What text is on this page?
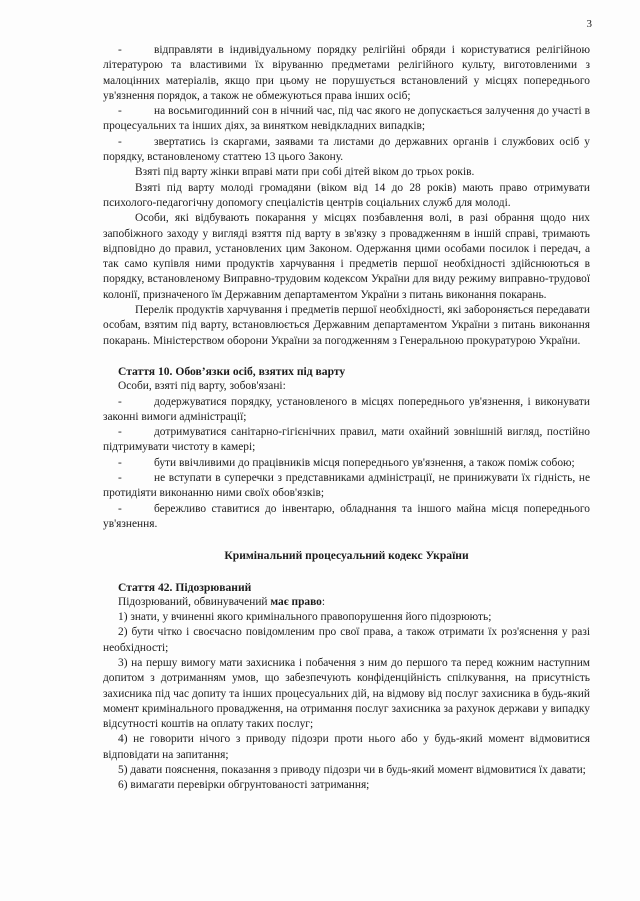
3

-	відправляти в індивідуальному порядку релігійні обряди і користуватися релігійною літературою та властивими їх віруванню предметами релігійного культу, виготовленими з малоцінних матеріалів, якщо при цьому не порушується встановлений у місцях попереднього ув'язнення порядок, а також не обмежуються права інших осіб;

-	на восьмигодинний сон в нічний час, під час якого не допускається залучення до участі в процесуальних та інших діях, за винятком невідкладних випадків;

-	звертатись із скаргами, заявами та листами до державних органів і службових осіб у порядку, встановленому статтею 13 цього Закону.

Взяті під варту жінки вправі мати при собі дітей віком до трьох років.

Взяті під варту молоді громадяни (віком від 14 до 28 років) мають право отримувати психолого-педагогічну допомогу спеціалістів центрів соціальних служб для молоді.

Особи, які відбувають покарання у місцях позбавлення волі, в разі обрання щодо них запобіжного заходу у вигляді взяття під варту в зв'язку з провадженням в іншій справі, тримають відповідно до правил, установлених цим Законом. Одержання цими особами посилок і передач, а так само купівля ними продуктів харчування і предметів першої необхідності здійснюються в порядку, встановленому Виправно-трудовим кодексом України для виду режиму виправно-трудової колонії, призначеного їм Державним департаментом України з питань виконання покарань.

Перелік продуктів харчування і предметів першої необхідності, які забороняється передавати особам, взятим під варту, встановлюється Державним департаментом України з питань виконання покарань. Міністерством оборони України за погодженням з Генеральною прокуратурою України.

Стаття 10. Обов’язки осіб, взятих під варту

Особи, взяті під варту, зобов'язані:

-	додержуватися порядку, установленого в місцях попереднього ув'язнення, і виконувати законні вимоги адміністрації;

-	дотримуватися санітарно-гігієнічних правил, мати охайний зовнішній вигляд, постійно підтримувати чистоту в камері;

-	бути ввічливими до працівників місця попереднього ув'язнення, а також поміж собою;

-	не вступати в суперечки з представниками адміністрації, не принижувати їх гідність, не протидіяти виконанню ними своїх обов'язків;

-	бережливо ставитися до інвентарю, обладнання та іншого майна місця попереднього ув'язнення.

Кримінальний процесуальний кодекс України
Стаття 42. Підозрюваний

Підозрюваний, обвинувачений має право:

1) знати, у вчиненні якого кримінального правопорушення його підозрюють;

2) бути чітко і своєчасно повідомленим про свої права, а також отримати їх роз'яснення у разі необхідності;

3) на першу вимогу мати захисника і побачення з ним до першого та перед кожним наступним допитом з дотриманням умов, що забезпечують конфіденційність спілкування, на присутність захисника під час допиту та інших процесуальних дій, на відмову від послуг захисника в будь-який момент кримінального провадження, на отримання послуг захисника за рахунок держави у випадку відсутності коштів на оплату таких послуг;

4) не говорити нічого з приводу підозри проти нього або у будь-який момент відмовитися відповідати на запитання;

5) давати пояснення, показання з приводу підозри чи в будь-який момент відмовитися їх давати;

6) вимагати перевірки обгрунтованості затримання;
